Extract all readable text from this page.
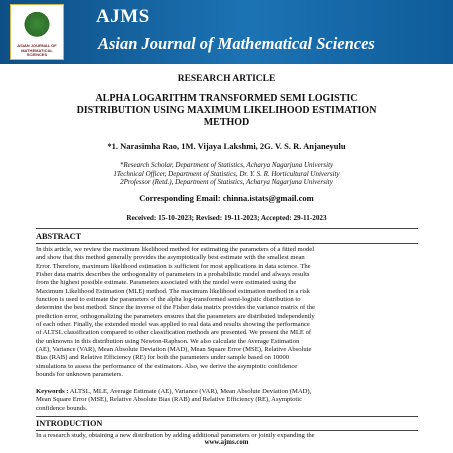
ASIAN JOURNAL OF MATHEMATICAL SCIENCES
AJMS
Asian Journal of Mathematical Sciences
RESEARCH ARTICLE
ALPHA LOGARITHM TRANSFORMED SEMI LOGISTIC
DISTRIBUTION USING MAXIMUM LIKELIHOOD ESTIMATION
METHOD
*1. Narasimha Rao, 1M. Vijaya Lakshmi, 2G. V. S. R. Anjaneyulu
*Research Scholar, Department of Statistics, Acharya Nagarjuna University
1Technical Officer, Department of Statistics, Dr. Y. S. R. Horticultural University
2Professor (Retd.), Department of Statistics, Acharya Nagarjuna University
Corresponding Email: chinna.istats@gmail.com
Received: 15-10-2023; Revised: 19-11-2023; Accepted: 29-11-2023
ABSTRACT
In this article, we review the maximum likelihood method for estimating the parameters of a fitted model
and show that this method generally provides the asymptotically best estimate with the smallest mean
Error. Therefore, maximum likelihood estimation is sufficient for most applications in data science. The
Fisher data matrix describes the orthogonality of parameters in a probabilistic model and always results
from the highest possible estimate. Parameters associated with the model were estimated using the
Maximum Likelihood Estimation (MLE) method. The maximum likelihood estimation method in a risk
function is used to estimate the parameters of the alpha log-transformed semi-logistic distribution to
determine the best method. Since the inverse of the Fisher data matrix provides the variance matrix of the
prediction error, orthogonalizing the parameters ensures that the parameters are distributed independently
of each other. Finally, the extended model was applied to real data and results showing the performance
of ALTSL classification compared to other classification methods are presented. We present the MLE of
the unknowns in this distribution using Newton-Raphson. We also calculate the Average Estimation
(AE), Variance (VAR), Mean Absolute Deviation (MAD), Mean Square Error (MSE), Relative Absolute
Bias (RAB) and Relative Efficiency (RE) for both the parameters under sample based on 10000
simulations to assess the performance of the estimators. Also, we derive the asymptotic confidence
bounds for unknown parameters.
Keywords : ALTSL, MLE, Average Estimate (AE), Variance (VAR), Mean Absolute Deviation (MAD),
Mean Square Error (MSE), Relative Absolute Bias (RAB) and Relative Efficiency (RE), Asymptotic
confidence bounds.
INTRODUCTION
In a research study, obtaining a new distribution by adding additional parameters or jointly expanding the
www.ajms.com
